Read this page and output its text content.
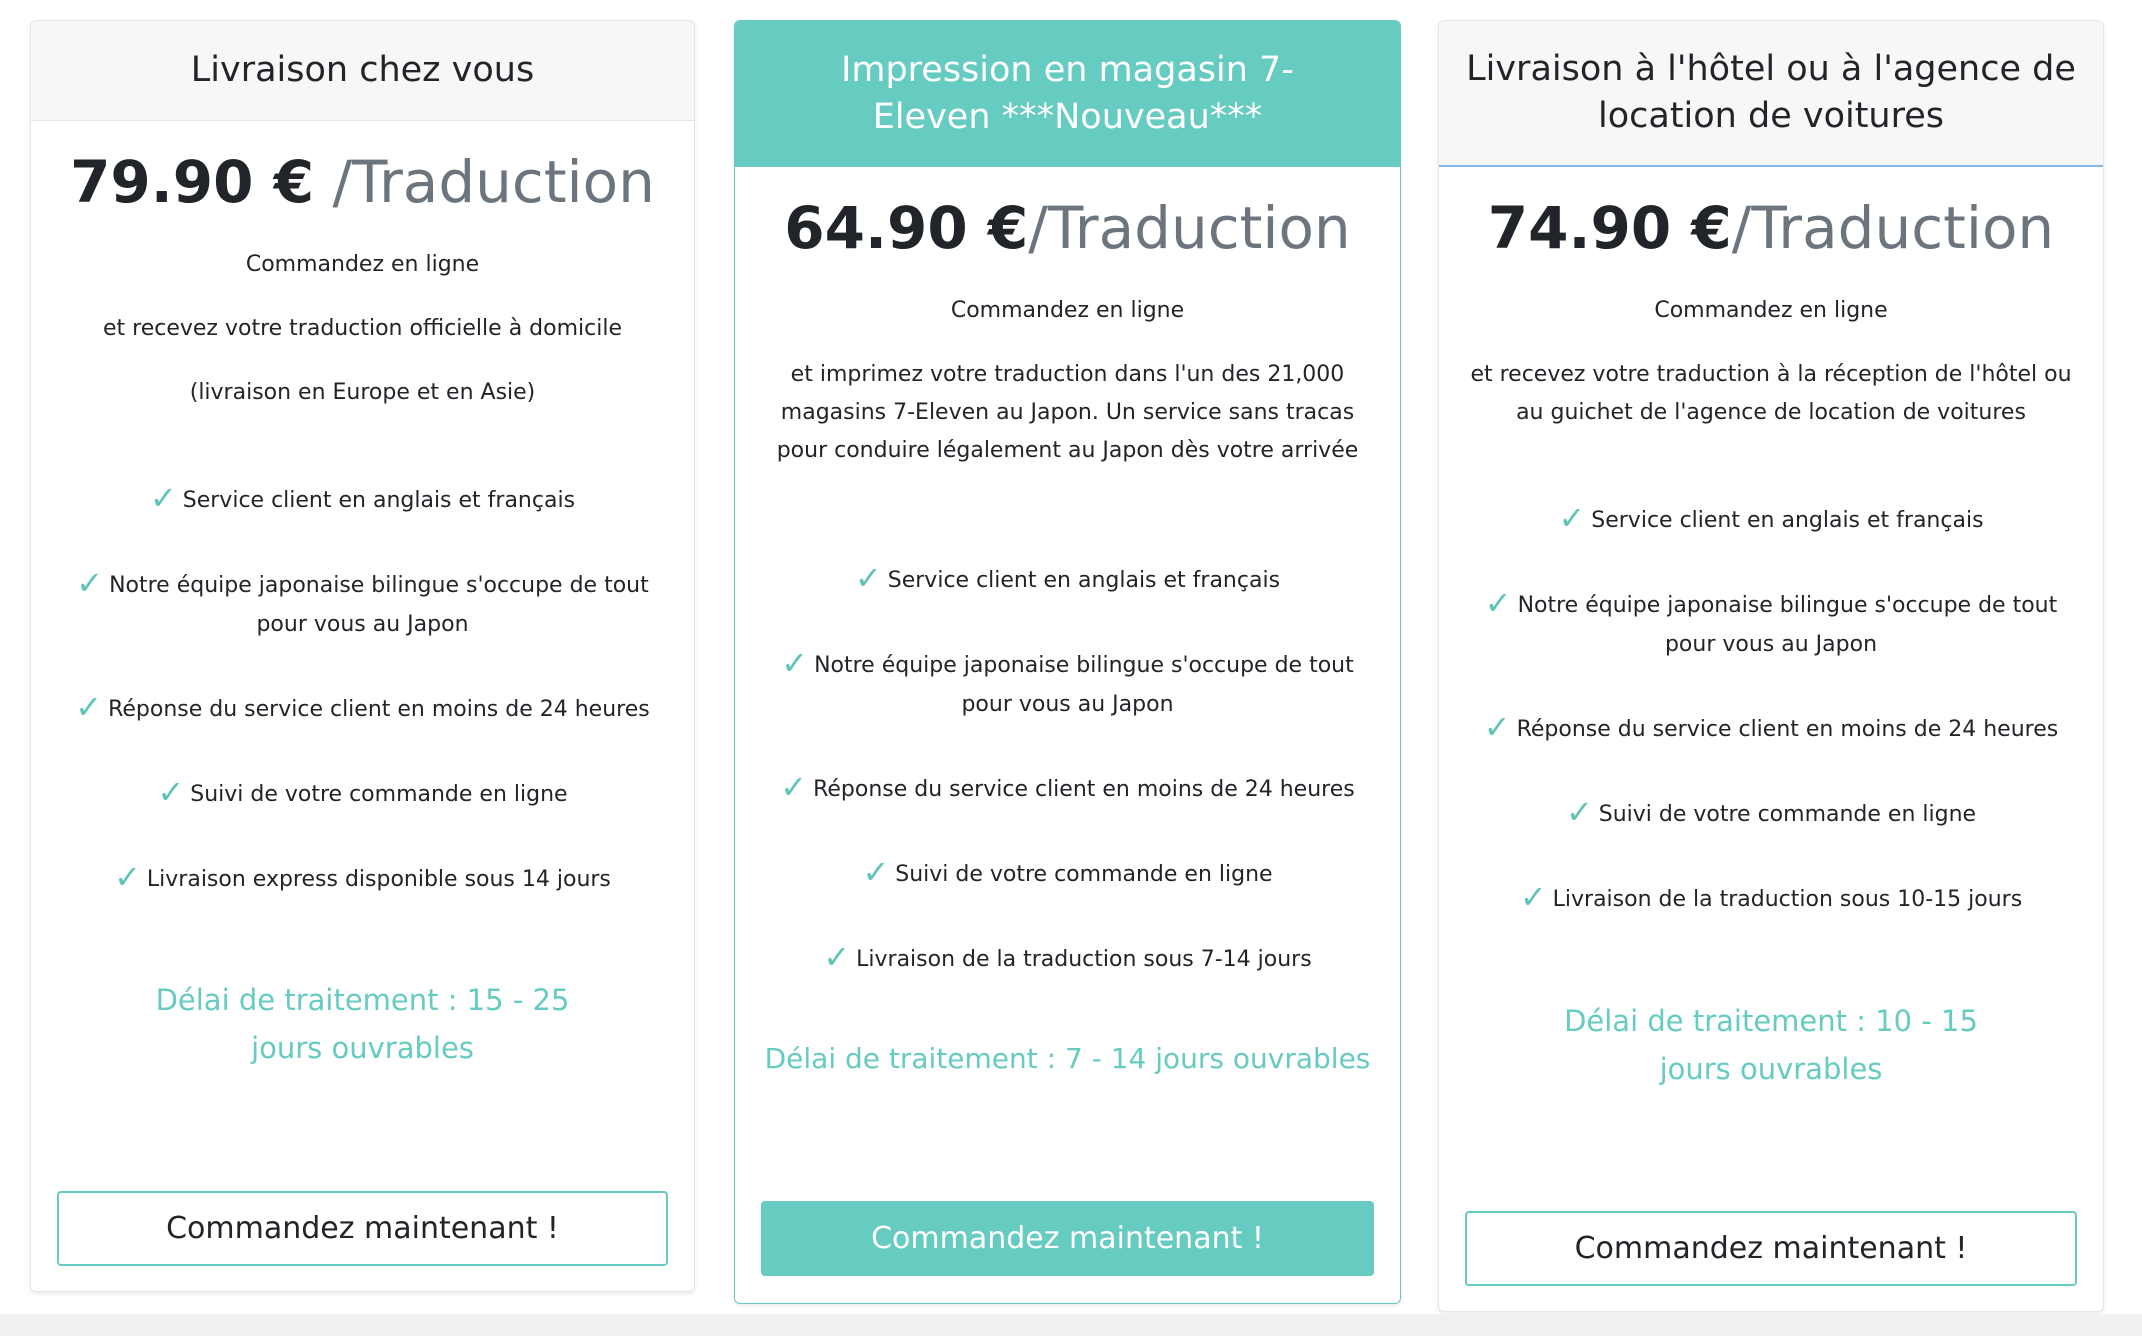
Livraison chez vous
79.90 € /Traduction

Commandez en ligne

et recevez votre traduction officielle à domicile

(livraison en Europe et en Asie)

✓ Service client en anglais et français
✓ Notre équipe japonaise bilingue s'occupe de tout pour vous au Japon
✓ Réponse du service client en moins de 24 heures
✓ Suivi de votre commande en ligne
✓ Livraison express disponible sous 14 jours
Délai de traitement : 15 - 25 jours ouvrables
Commandez maintenant !
Impression en magasin 7-Eleven ***Nouveau***
64.90 €/Traduction

Commandez en ligne

et imprimez votre traduction dans l'un des 21,000 magasins 7-Eleven au Japon. Un service sans tracas pour conduire légalement au Japon dès votre arrivée

✓ Service client en anglais et français
✓ Notre équipe japonaise bilingue s'occupe de tout pour vous au Japon
✓ Réponse du service client en moins de 24 heures
✓ Suivi de votre commande en ligne
✓ Livraison de la traduction sous 7-14 jours
Délai de traitement : 7 - 14 jours ouvrables
Commandez maintenant !
Livraison à l'hôtel ou à l'agence de location de voitures
74.90 €/Traduction

Commandez en ligne

et recevez votre traduction à la réception de l'hôtel ou au guichet de l'agence de location de voitures

✓ Service client en anglais et français
✓ Notre équipe japonaise bilingue s'occupe de tout pour vous au Japon
✓ Réponse du service client en moins de 24 heures
✓ Suivi de votre commande en ligne
✓ Livraison de la traduction sous 10-15 jours
Délai de traitement : 10 - 15 jours ouvrables
Commandez maintenant !
